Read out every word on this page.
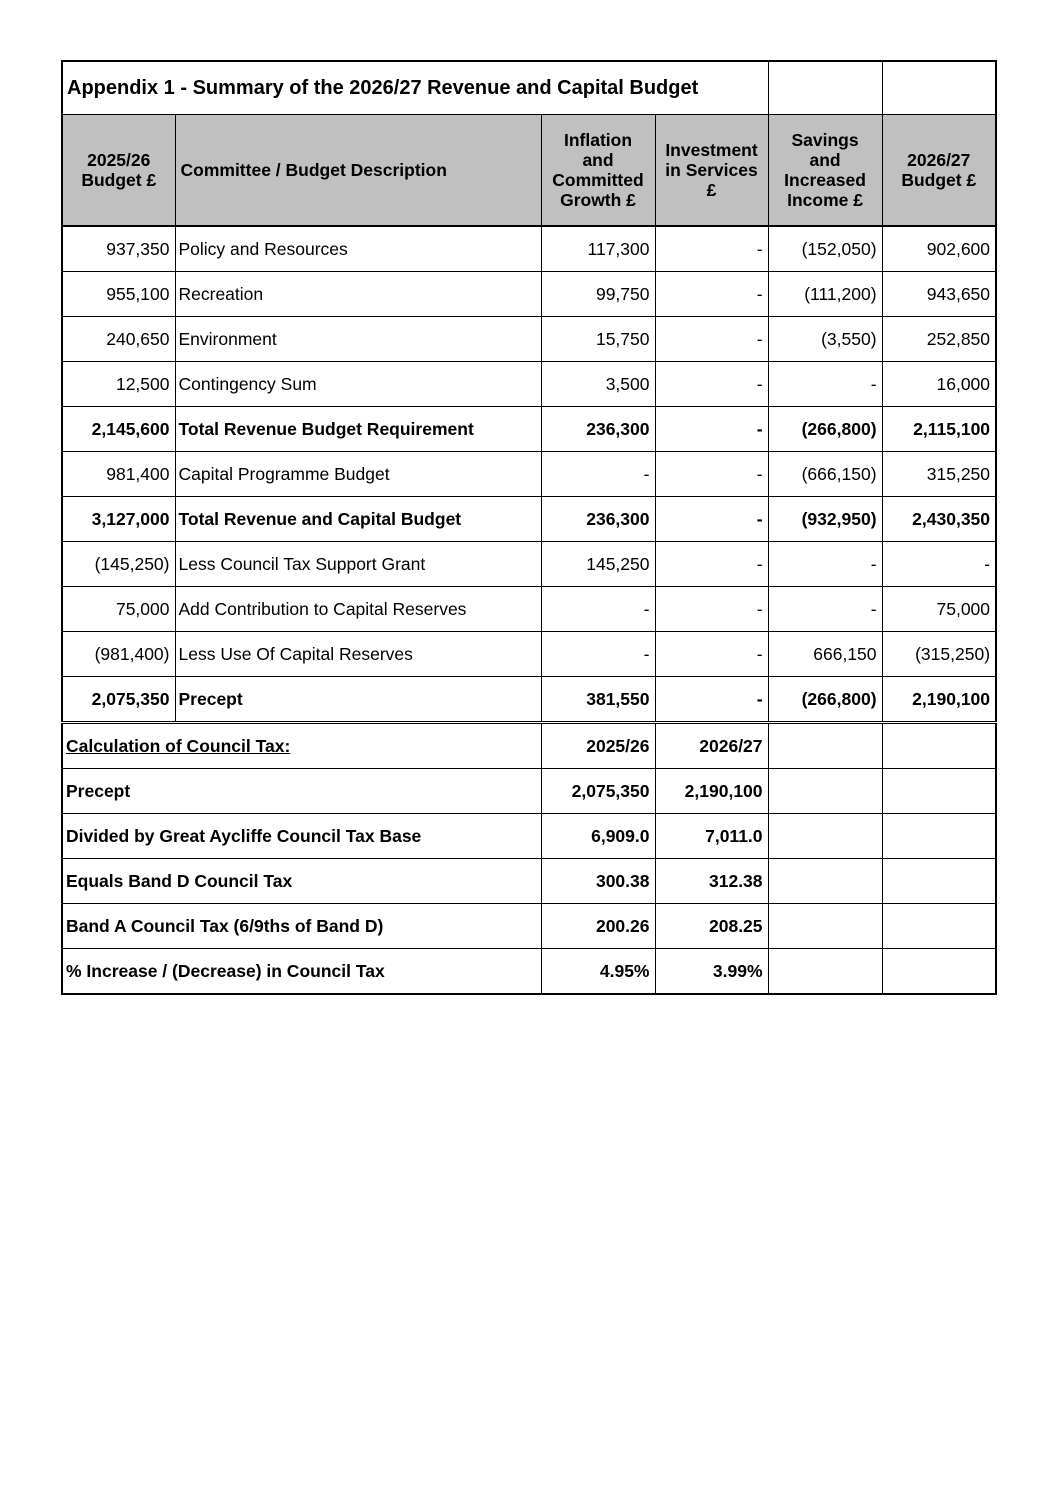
Appendix 1 - Summary of the 2026/27 Revenue and Capital Budget					
2025/26 Budget £	Committee / Budget Description	Inflation and Committed Growth £	Investment in Services £	Savings and Increased Income £	2026/27 Budget £
937,350	Policy and Resources	117,300	-	(152,050)	902,600
955,100	Recreation	99,750	-	(111,200)	943,650
240,650	Environment	15,750	-	(3,550)	252,850
12,500	Contingency Sum	3,500	-	-	16,000
2,145,600	Total Revenue Budget Requirement	236,300	-	(266,800)	2,115,100
981,400	Capital Programme Budget	-	-	(666,150)	315,250
3,127,000	Total Revenue and Capital Budget	236,300	-	(932,950)	2,430,350
(145,250)	Less Council Tax Support Grant	145,250	-	-	-
75,000	Add Contribution to Capital Reserves	-	-	-	75,000
(981,400)	Less Use Of Capital Reserves	-	-	666,150	(315,250)
2,075,350	Precept	381,550	-	(266,800)	2,190,100
Calculation of Council Tax:		2025/26	2026/27		
Precept		2,075,350	2,190,100		
Divided by Great Aycliffe Council Tax Base		6,909.0	7,011.0		
Equals Band D Council Tax		300.38	312.38		
Band A Council Tax (6/9ths of Band D)		200.26	208.25		
% Increase / (Decrease) in Council Tax		4.95%	3.99%		
